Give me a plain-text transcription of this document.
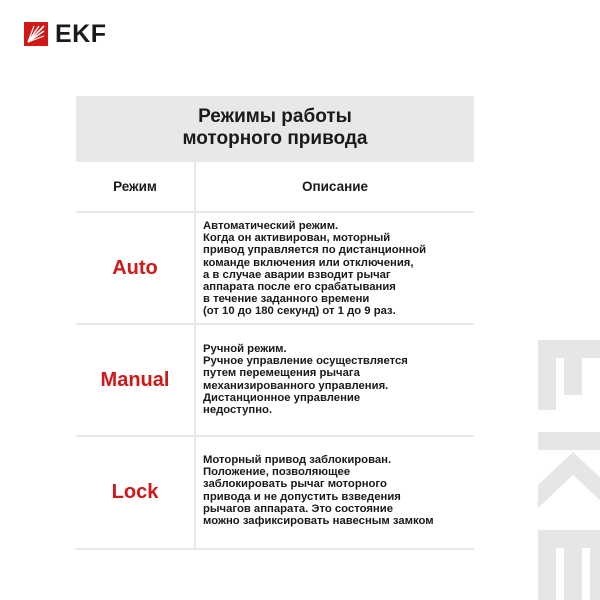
EKF
Режимы работы
моторного привода
Режим	Описание
Auto
Автоматический режим.
Когда он активирован, моторный
привод управляется по дистанционной
команде включения или отключения,
а в случае аварии взводит рычаг
аппарата после его срабатывания
в течение заданного времени
(от 10 до 180 секунд) от 1 до 9 раз.
Manual
Ручной режим.
Ручное управление осуществляется
путем перемещения рычага
механизированного управления.
Дистанционное управление
недоступно.
Lock
Моторный привод заблокирован.
Положение, позволяющее
заблокировать рычаг моторного
привода и не допустить взведения
рычагов аппарата. Это состояние
можно зафиксировать навесным замком
